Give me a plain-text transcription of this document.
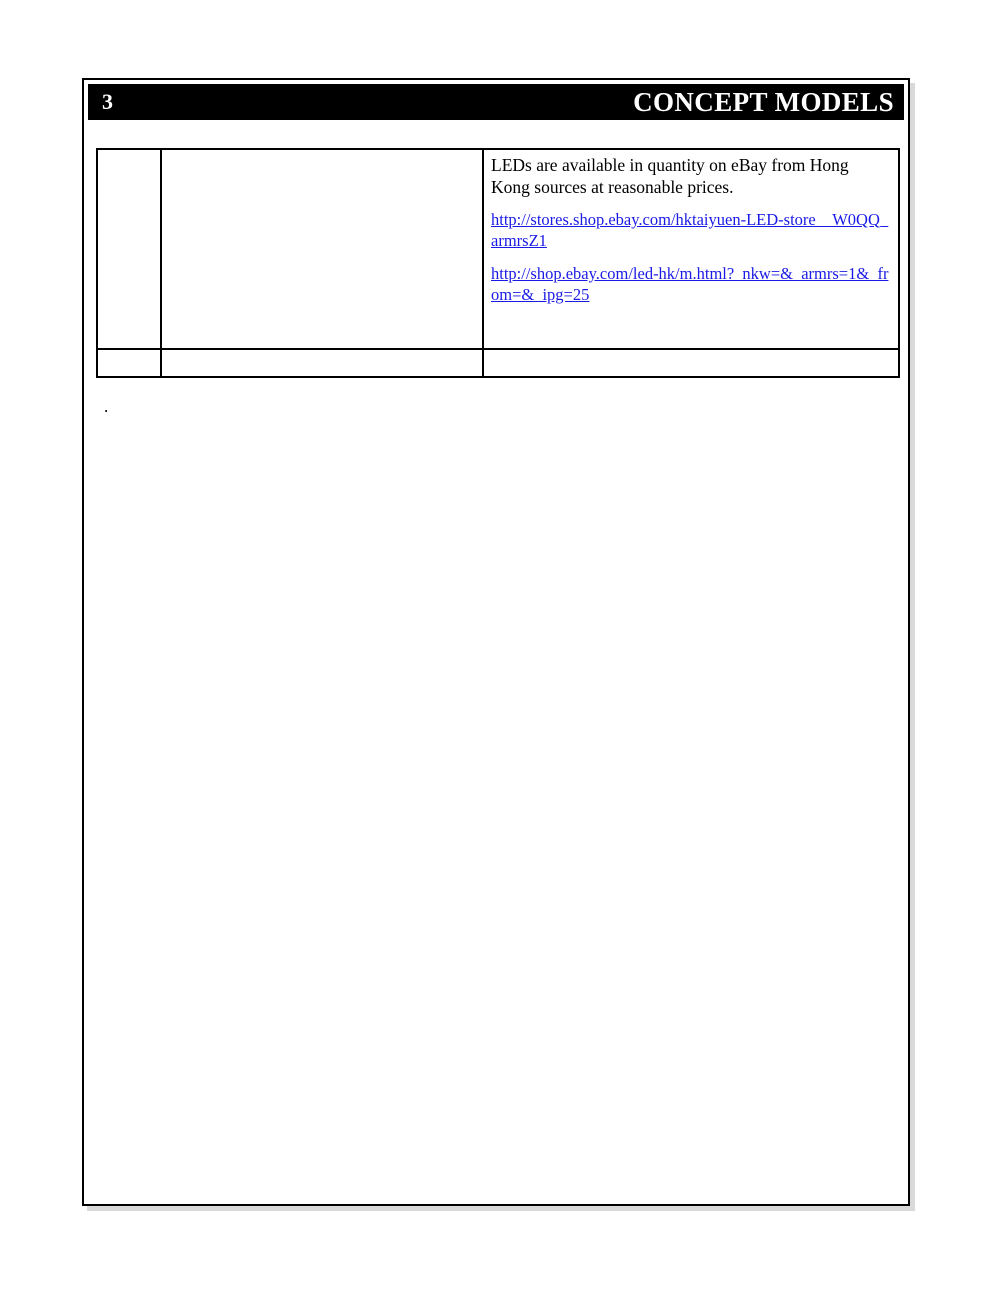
3	CONCEPT MODELS

		LEDs are available in quantity on eBay from Hong Kong sources at reasonable prices.

http://stores.shop.ebay.com/hktaiyuen-LED-store__W0QQ_armrsZ1
http://shop.ebay.com/led-hk/m.html?_nkw=&_armrs=1&_from=&_ipg=25

.
